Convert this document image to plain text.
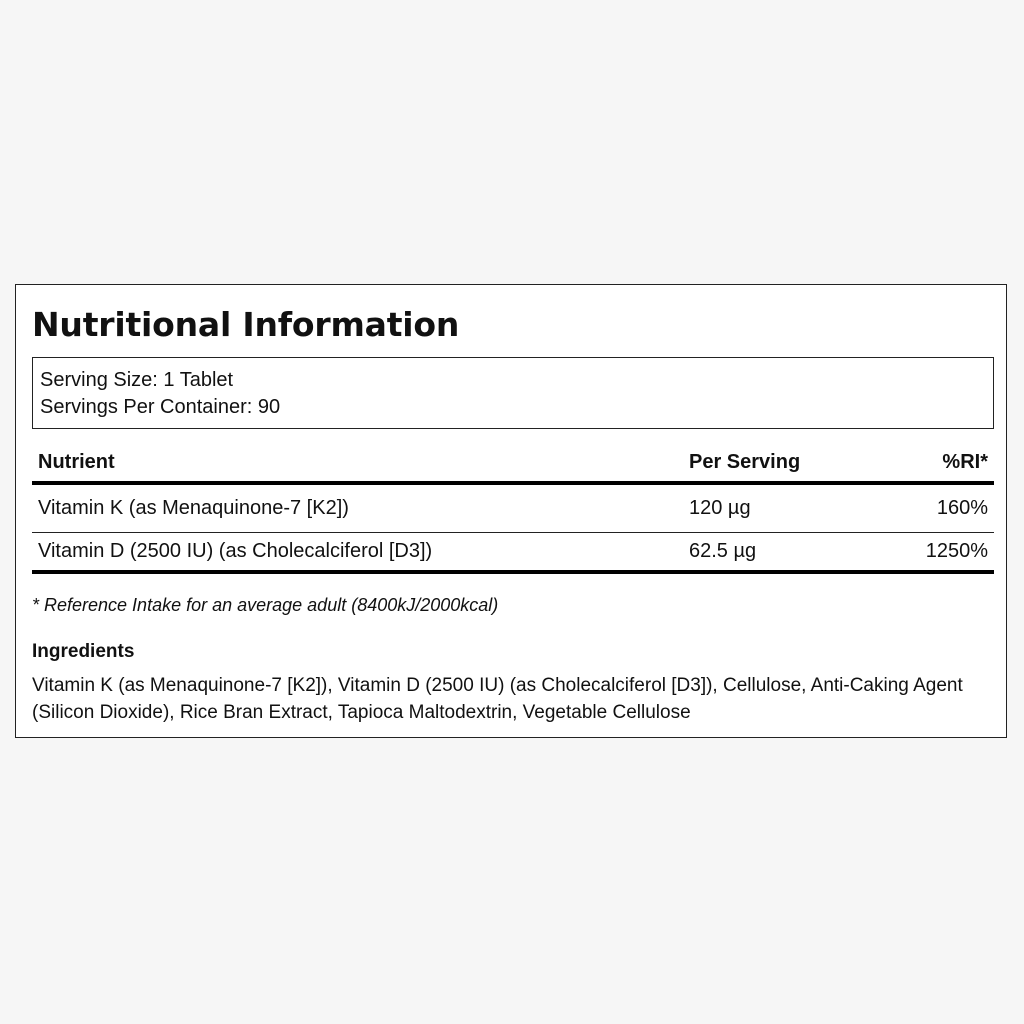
Nutritional Information
Serving Size: 1 Tablet
Servings Per Container: 90
Nutrient	Per Serving	%RI*
Vitamin K (as Menaquinone-7 [K2])	120 µg	160%
Vitamin D (2500 IU) (as Cholecalciferol [D3])	62.5 µg	1250%
* Reference Intake for an average adult (8400kJ/2000kcal)
Ingredients

Vitamin K (as Menaquinone-7 [K2]), Vitamin D (2500 IU) (as Cholecalciferol [D3]), Cellulose, Anti-Caking Agent (Silicon Dioxide), Rice Bran Extract, Tapioca Maltodextrin, Vegetable Cellulose
